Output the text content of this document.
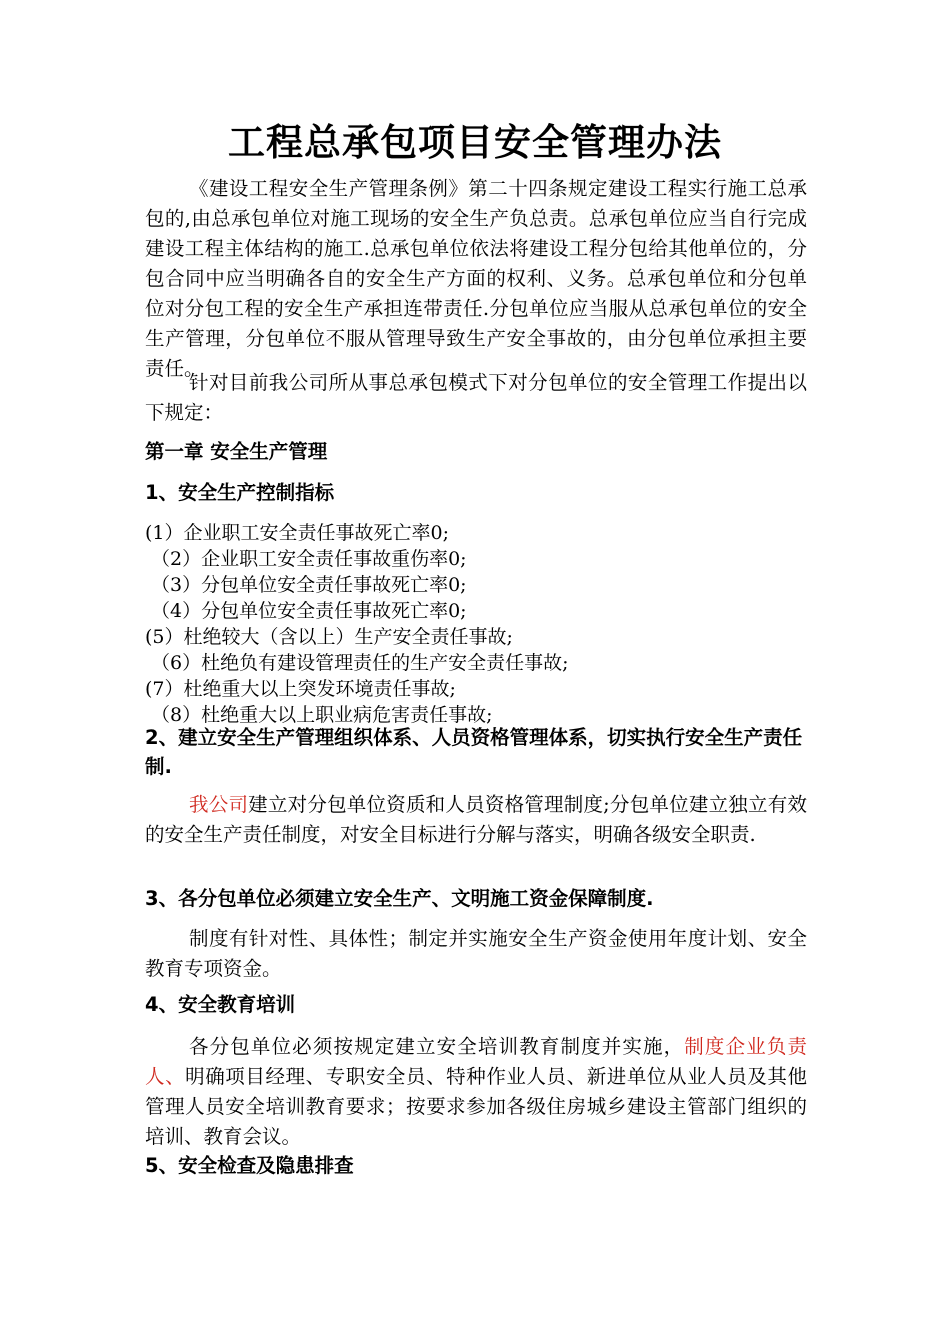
工程总承包项目安全管理办法
《建设工程安全生产管理条例》第二十四条规定建设工程实行施工总承包的,由总承包单位对施工现场的安全生产负总责。总承包单位应当自行完成建设工程主体结构的施工.总承包单位依法将建设工程分包给其他单位的，分包合同中应当明确各自的安全生产方面的权利、义务。总承包单位和分包单位对分包工程的安全生产承担连带责任.分包单位应当服从总承包单位的安全生产管理，分包单位不服从管理导致生产安全事故的，由分包单位承担主要责任。
针对目前我公司所从事总承包模式下对分包单位的安全管理工作提出以下规定：
第一章 安全生产管理
1、安全生产控制指标
(1）企业职工安全责任事故死亡率0;
（2）企业职工安全责任事故重伤率0;
（3）分包单位安全责任事故死亡率0;
（4）分包单位安全责任事故死亡率0;
(5）杜绝较大（含以上）生产安全责任事故;
（6）杜绝负有建设管理责任的生产安全责任事故;
(7）杜绝重大以上突发环境责任事故;
（8）杜绝重大以上职业病危害责任事故;
2、建立安全生产管理组织体系、人员资格管理体系，切实执行安全生产责任制.
我公司建立对分包单位资质和人员资格管理制度;分包单位建立独立有效的安全生产责任制度，对安全目标进行分解与落实，明确各级安全职责.
3、各分包单位必须建立安全生产、文明施工资金保障制度.
制度有针对性、具体性；制定并实施安全生产资金使用年度计划、安全教育专项资金。
4、安全教育培训
各分包单位必须按规定建立安全培训教育制度并实施，制度企业负责人、明确项目经理、专职安全员、特种作业人员、新进单位从业人员及其他管理人员安全培训教育要求；按要求参加各级住房城乡建设主管部门组织的培训、教育会议。
5、安全检查及隐患排查
